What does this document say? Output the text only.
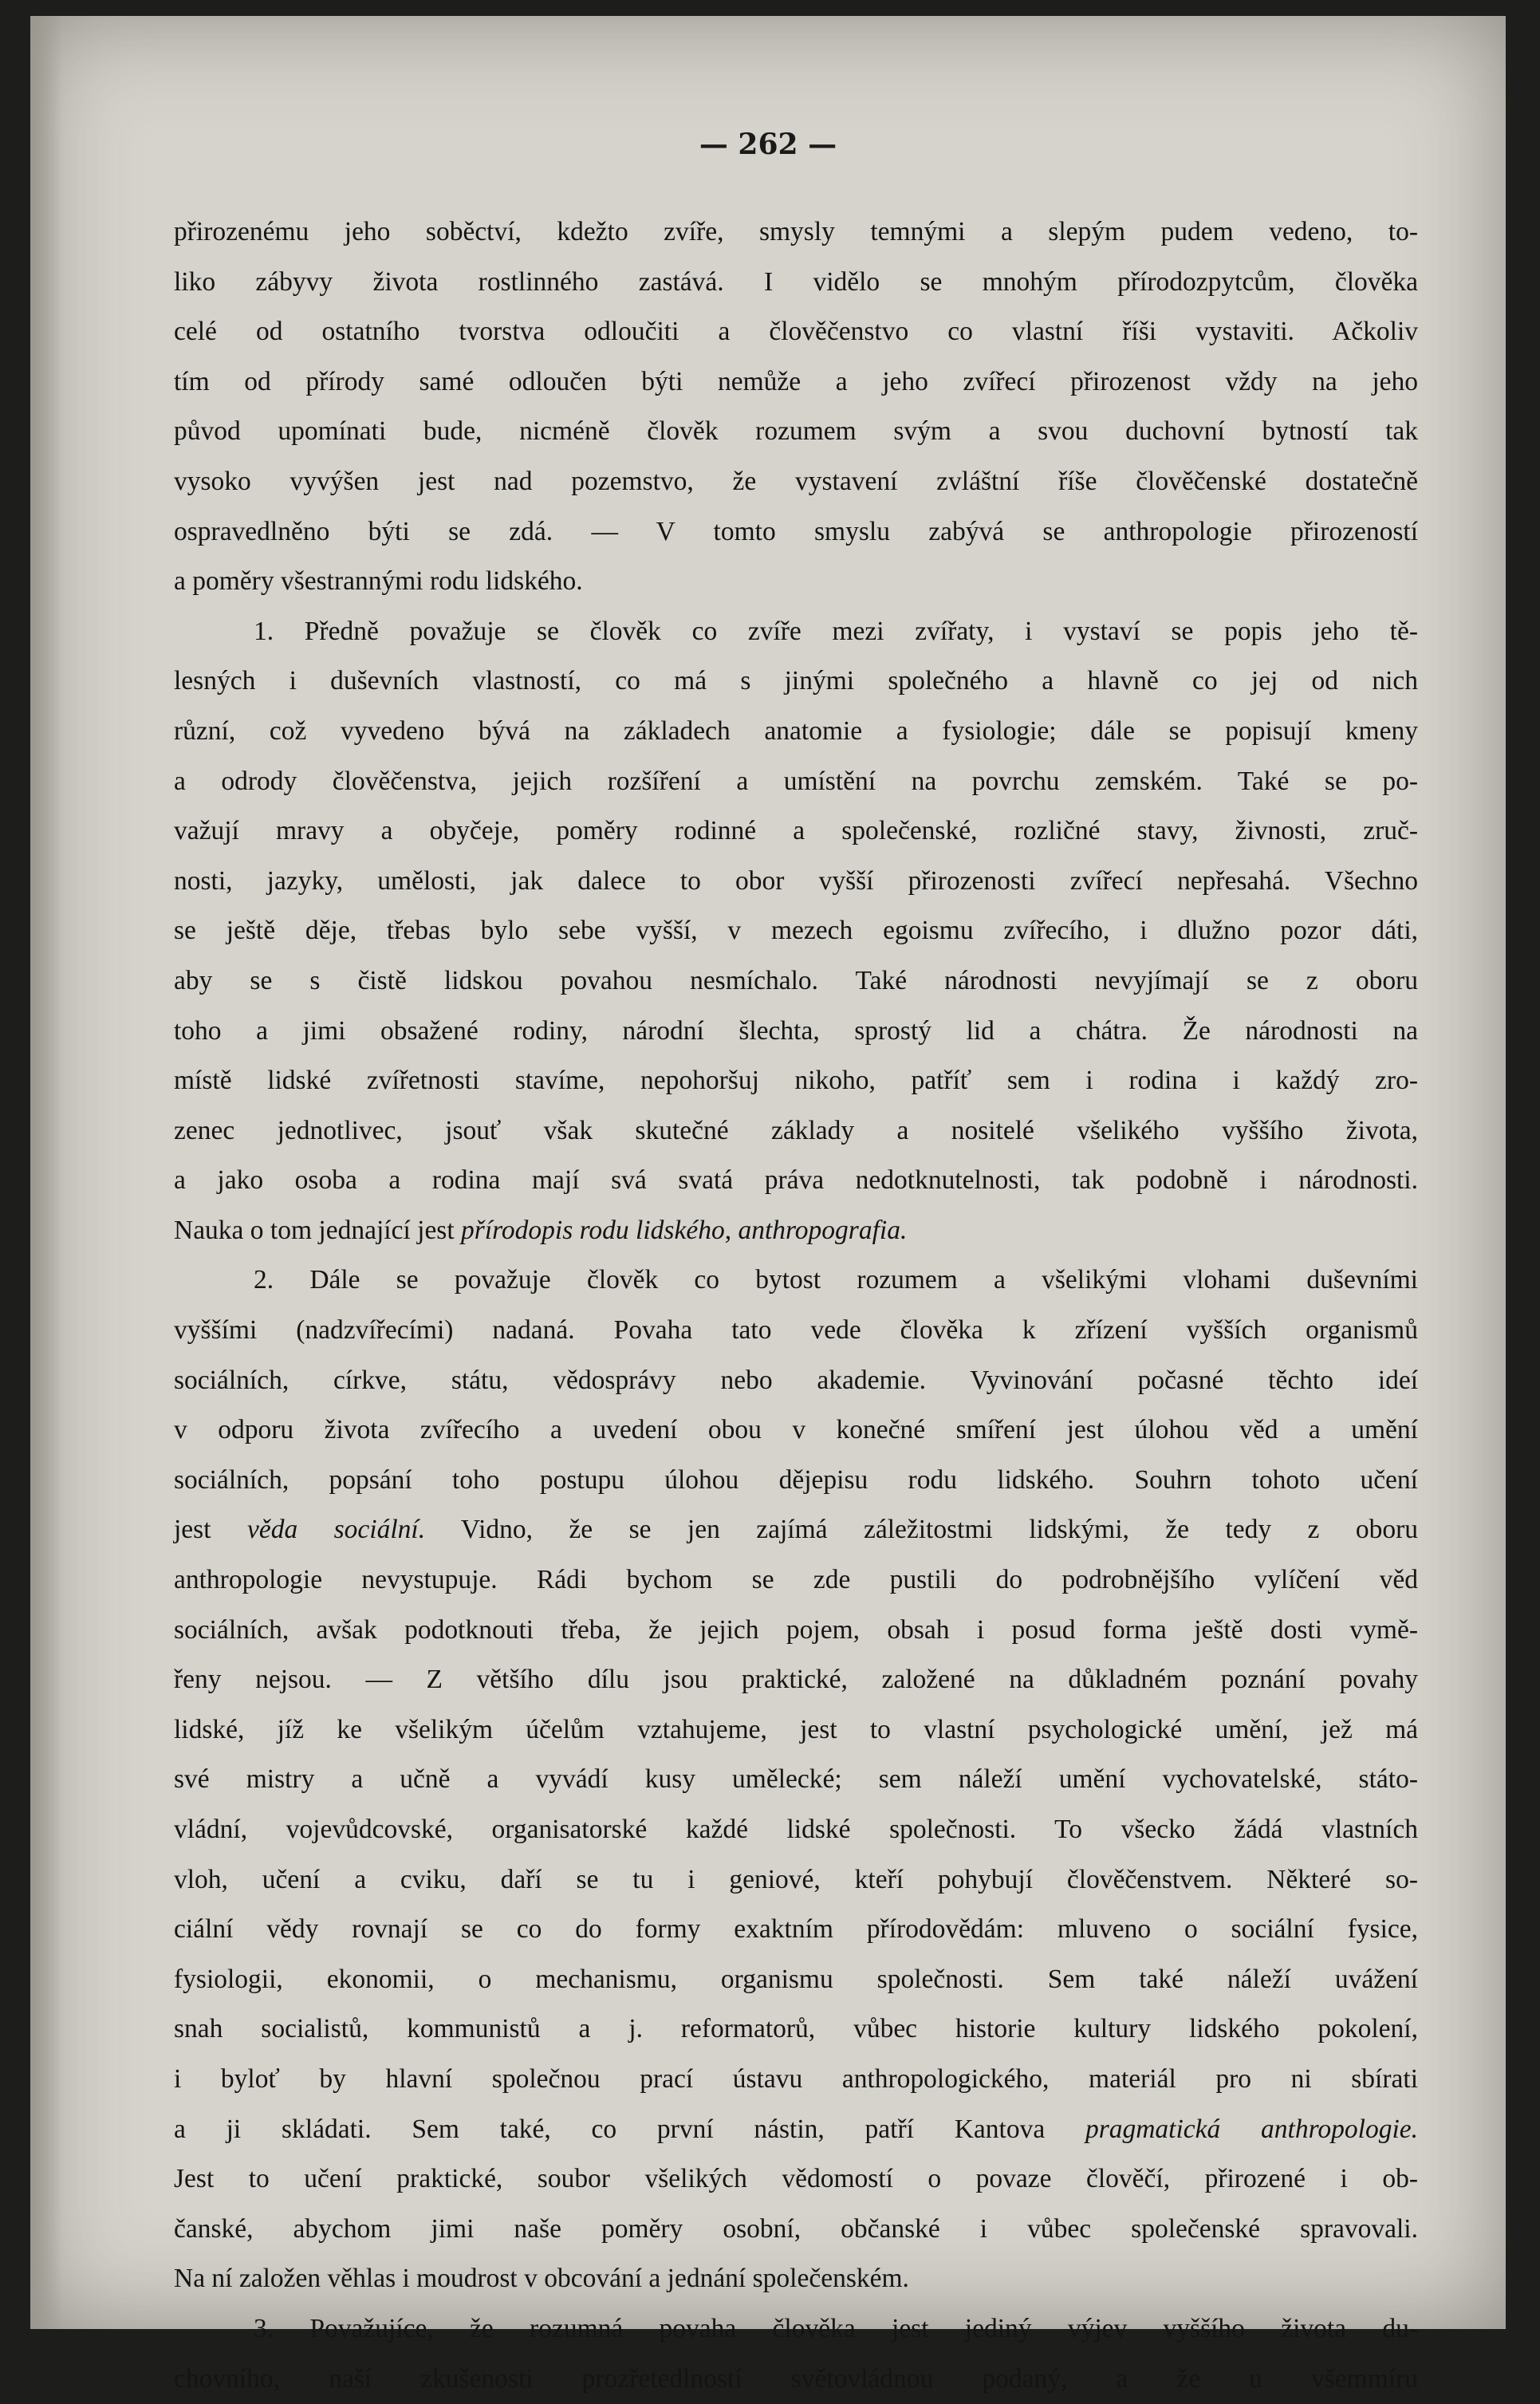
— 262 —
přirozenému jeho soběctví, kdežto zvíře, smysly temnými a slepým pudem vedeno, to-
liko zábyvy života rostlinného zastává. I vidělo se mnohým přírodozpytcům, člověka
celé od ostatního tvorstva odloučiti a člověčenstvo co vlastní říši vystaviti. Ačkoliv
tím od přírody samé odloučen býti nemůže a jeho zvířecí přirozenost vždy na jeho
původ upomínati bude, nicméně člověk rozumem svým a svou duchovní bytností tak
vysoko vyvýšen jest nad pozemstvo, že vystavení zvláštní říše člověčenské dostatečně
ospravedlněno býti se zdá. — V tomto smyslu zabývá se anthropologie přirozeností
a poměry všestrannými rodu lidského.
1. Předně považuje se člověk co zvíře mezi zvířaty, i vystaví se popis jeho tě-
lesných i duševních vlastností, co má s jinými společného a hlavně co jej od nich
různí, což vyvedeno bývá na základech anatomie a fysiologie; dále se popisují kmeny
a odrody člověčenstva, jejich rozšíření a umístění na povrchu zemském. Také se po-
važují mravy a obyčeje, poměry rodinné a společenské, rozličné stavy, živnosti, zruč-
nosti, jazyky, umělosti, jak dalece to obor vyšší přirozenosti zvířecí nepřesahá. Všechno
se ještě děje, třebas bylo sebe vyšší, v mezech egoismu zvířecího, i dlužno pozor dáti,
aby se s čistě lidskou povahou nesmíchalo. Také národnosti nevyjímají se z oboru
toho a jimi obsažené rodiny, národní šlechta, sprostý lid a chátra. Že národnosti na
místě lidské zvířetnosti stavíme, nepohoršuj nikoho, patříť sem i rodina i každý zro-
zenec jednotlivec, jsouť však skutečné základy a nositelé všelikého vyššího života,
a jako osoba a rodina mají svá svatá práva nedotknutelnosti, tak podobně i národnosti.
Nauka o tom jednající jest přírodopis rodu lidského, anthropografia.
2. Dále se považuje člověk co bytost rozumem a všelikými vlohami duševními
vyššími (nadzvířecími) nadaná. Povaha tato vede člověka k zřízení vyšších organismů
sociálních, církve, státu, vědosprávy nebo akademie. Vyvinování počasné těchto ideí
v odporu života zvířecího a uvedení obou v konečné smíření jest úlohou věd a umění
sociálních, popsání toho postupu úlohou dějepisu rodu lidského. Souhrn tohoto učení
jest věda sociální. Vidno, že se jen zajímá záležitostmi lidskými, že tedy z oboru
anthropologie nevystupuje. Rádi bychom se zde pustili do podrobnějšího vylíčení věd
sociálních, avšak podotknouti třeba, že jejich pojem, obsah i posud forma ještě dosti vymě-
řeny nejsou. — Z většího dílu jsou praktické, založené na důkladném poznání povahy
lidské, jíž ke všelikým účelům vztahujeme, jest to vlastní psychologické umění, jež má
své mistry a učně a vyvádí kusy umělecké; sem náleží umění vychovatelské, státo-
vládní, vojevůdcovské, organisatorské každé lidské společnosti. To všecko žádá vlastních
vloh, učení a cviku, daří se tu i geniové, kteří pohybují člověčenstvem. Některé so-
ciální vědy rovnají se co do formy exaktním přírodovědám: mluveno o sociální fysice,
fysiologii, ekonomii, o mechanismu, organismu společnosti. Sem také náleží uvážení
snah socialistů, kommunistů a j. reformatorů, vůbec historie kultury lidského pokolení,
i byloť by hlavní společnou prací ústavu anthropologického, materiál pro ni sbírati
a ji skládati. Sem také, co první nástin, patří Kantova pragmatická anthropologie.
Jest to učení praktické, soubor všelikých vědomostí o povaze člověčí, přirozené i ob-
čanské, abychom jimi naše poměry osobní, občanské i vůbec společenské spravovali.
Na ní založen věhlas i moudrost v obcování a jednání společenském.
3. Považujíce, že rozumná povaha člověka jest jediný výjev vyššího života du-
chovního, naší zkušenosti prozřetedlností světovládnou podaný, a že u všemmíru
